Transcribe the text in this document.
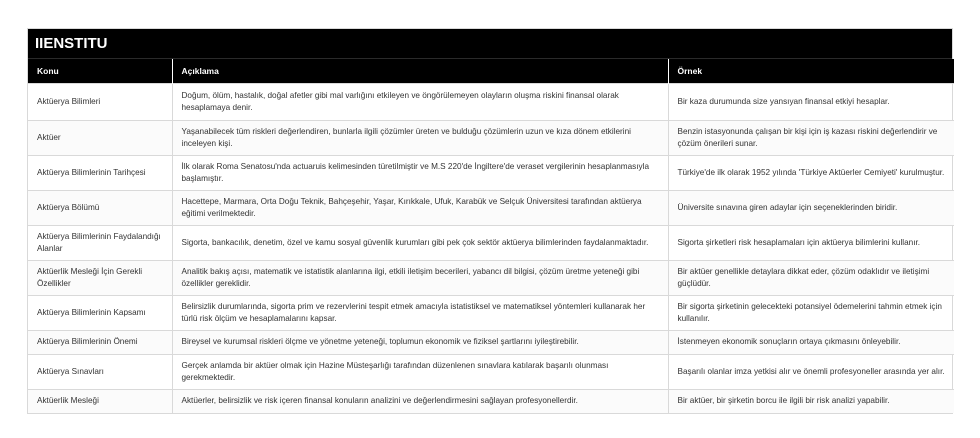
IIENSTITU
Konu	Açıklama	Örnek
Aktüerya Bilimleri	Doğum, ölüm, hastalık, doğal afetler gibi mal varlığını etkileyen ve öngörülemeyen olayların oluşma riskini finansal olarak hesaplamaya denir.	Bir kaza durumunda size yansıyan finansal etkiyi hesaplar.
Aktüer	Yaşanabilecek tüm riskleri değerlendiren, bunlarla ilgili çözümler üreten ve bulduğu çözümlerin uzun ve kıza dönem etkilerini inceleyen kişi.	Benzin istasyonunda çalışan bir kişi için iş kazası riskini değerlendirir ve çözüm önerileri sunar.
Aktüerya Bilimlerinin Tarihçesi	İlk olarak Roma Senatosu'nda actuaruis kelimesinden türetilmiştir ve M.S 220'de İngiltere'de veraset vergilerinin hesaplanmasıyla başlamıştır.	Türkiye'de ilk olarak 1952 yılında 'Türkiye Aktüerler Cemiyeti' kurulmuştur.
Aktüerya Bölümü	Hacettepe, Marmara, Orta Doğu Teknik, Bahçeşehir, Yaşar, Kırıkkale, Ufuk, Karabük ve Selçuk Üniversitesi tarafından aktüerya eğitimi verilmektedir.	Üniversite sınavına giren adaylar için seçeneklerinden biridir.
Aktüerya Bilimlerinin Faydalandığı Alanlar	Sigorta, bankacılık, denetim, özel ve kamu sosyal güvenlik kurumları gibi pek çok sektör aktüerya bilimlerinden faydalanmaktadır.	Sigorta şirketleri risk hesaplamaları için aktüerya bilimlerini kullanır.
Aktüerlik Mesleği İçin Gerekli Özellikler	Analitik bakış açısı, matematik ve istatistik alanlarına ilgi, etkili iletişim becerileri, yabancı dil bilgisi, çözüm üretme yeteneği gibi özellikler gereklidir.	Bir aktüer genellikle detaylara dikkat eder, çözüm odaklıdır ve iletişimi güçlüdür.
Aktüerya Bilimlerinin Kapsamı	Belirsizlik durumlarında, sigorta prim ve rezervlerini tespit etmek amacıyla istatistiksel ve matematiksel yöntemleri kullanarak her türlü risk ölçüm ve hesaplamalarını kapsar.	Bir sigorta şirketinin gelecekteki potansiyel ödemelerini tahmin etmek için kullanılır.
Aktüerya Bilimlerinin Önemi	Bireysel ve kurumsal riskleri ölçme ve yönetme yeteneği, toplumun ekonomik ve fiziksel şartlarını iyileştirebilir.	İstenmeyen ekonomik sonuçların ortaya çıkmasını önleyebilir.
Aktüerya Sınavları	Gerçek anlamda bir aktüer olmak için Hazine Müsteşarlığı tarafından düzenlenen sınavlara katılarak başarılı olunması gerekmektedir.	Başarılı olanlar imza yetkisi alır ve önemli profesyoneller arasında yer alır.
Aktüerlik Mesleği	Aktüerler, belirsizlik ve risk içeren finansal konuların analizini ve değerlendirmesini sağlayan profesyonellerdir.	Bir aktüer, bir şirketin borcu ile ilgili bir risk analizi yapabilir.
